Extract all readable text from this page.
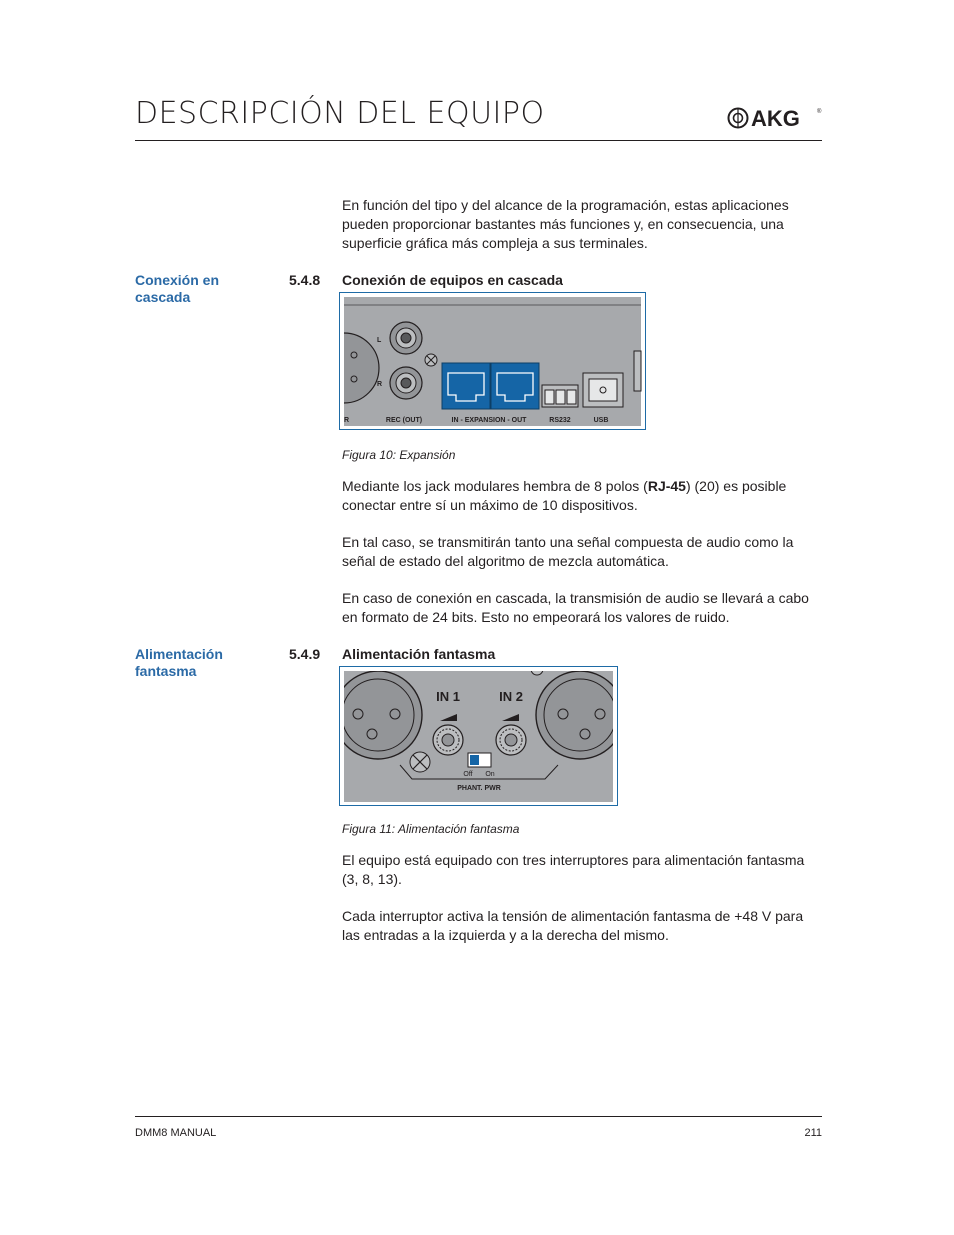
DESCRIPCIÓN DEL EQUIPO	AKG	®
En función del tipo y del alcance de la programación, estas aplicaciones pueden proporcionar bastantes más funciones y, en consecuencia, una superficie gráfica más compleja a sus terminales.
Conexión en cascada
5.4.8 Conexión de equipos en cascada
L
R
R	REC (OUT)	IN - EXPANSION - OUT	RS232	USB
Figura 10: Expansión

Mediante los jack modulares hembra de 8 polos (RJ-45) (20) es posible conectar entre sí un máximo de 10 dispositivos.

En tal caso, se transmitirán tanto una señal compuesta de audio como la señal de estado del algoritmo de mezcla automática.

En caso de conexión en cascada, la transmisión de audio se llevará a cabo en formato de 24 bits. Esto no empeorará los valores de ruido.

Alimentación fantasma
5.4.9 Alimentación fantasma
IN 1	IN 2
Off On
PHANT. PWR
Figura 11: Alimentación fantasma

El equipo está equipado con tres interruptores para alimentación fantasma (3, 8, 13).

Cada interruptor activa la tensión de alimentación fantasma de +48 V para las entradas a la izquierda y a la derecha del mismo.

DMM8 MANUAL	211
